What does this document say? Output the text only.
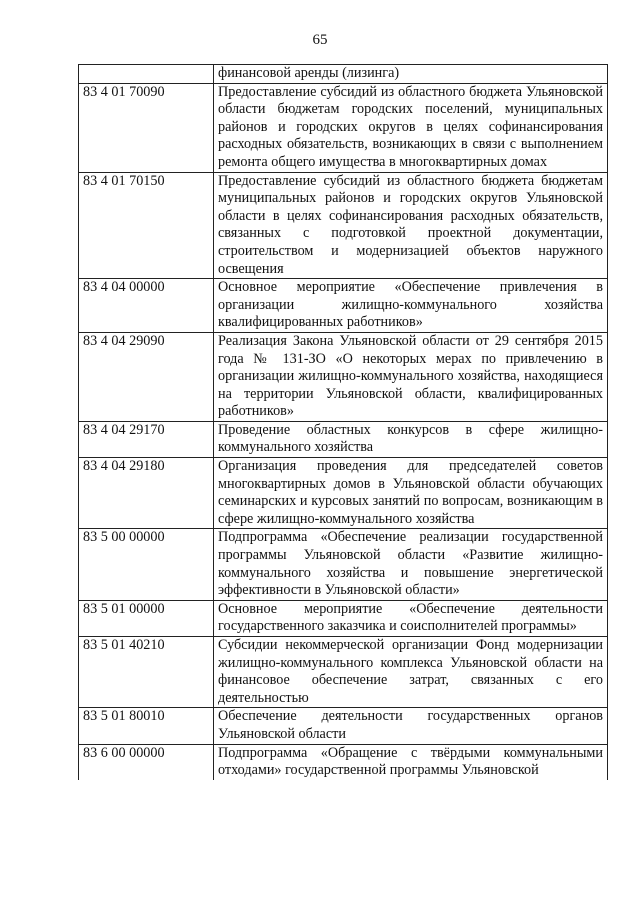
65
	финансовой аренды (лизинга)
83 4 01 70090	Предоставление субсидий из областного бюджета Ульяновской области бюджетам городских поселений, муниципальных районов и городских округов в целях софинансирования расходных обязательств, возникающих в связи с выполнением ремонта общего имущества в многоквартирных домах
83 4 01 70150	Предоставление субсидий из областного бюджета бюджетам муниципальных районов и городских округов Ульяновской области в целях софинансирования расходных обязательств, связанных с подготовкой проектной документации, строительством и модернизацией объектов наружного освещения
83 4 04 00000	Основное мероприятие «Обеспечение привлечения в организации жилищно-коммунального хозяйства квалифицированных работников»
83 4 04 29090	Реализация Закона Ульяновской области от 29 сентября 2015 года № 131-ЗО «О некоторых мерах по привлечению в организации жилищно-коммунального хозяйства, находящиеся на территории Ульяновской области, квалифицированных работников»
83 4 04 29170	Проведение областных конкурсов в сфере жилищно-коммунального хозяйства
83 4 04 29180	Организация проведения для председателей советов многоквартирных домов в Ульяновской области обучающих семинарских и курсовых занятий по вопросам, возникающим в сфере жилищно-коммунального хозяйства
83 5 00 00000	Подпрограмма «Обеспечение реализации государственной программы Ульяновской области «Развитие жилищно-коммунального хозяйства и повышение энергетической эффективности в Ульяновской области»
83 5 01 00000	Основное мероприятие «Обеспечение деятельности государственного заказчика и соисполнителей программы»
83 5 01 40210	Субсидии некоммерческой организации Фонд модернизации жилищно-коммунального комплекса Ульяновской области на финансовое обеспечение затрат, связанных с его деятельностью
83 5 01 80010	Обеспечение деятельности государственных органов Ульяновской области
83 6 00 00000	Подпрограмма «Обращение с твёрдыми коммунальными отходами» государственной программы Ульяновской
